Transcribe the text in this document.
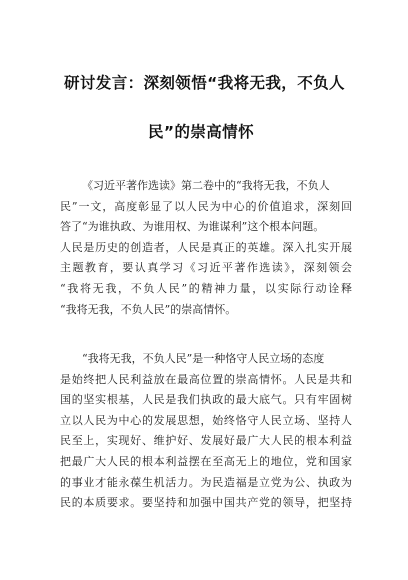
研讨发言：深刻领悟“我将无我，不负人
民”的崇高情怀
《习近平著作选读》第二卷中的“我将无我，不负人
民”一文，高度彰显了以人民为中心的价值追求，深刻回
答了“为谁执政、为谁用权、为谁谋利”这个根本问题。
人民是历史的创造者，人民是真正的英雄。深入扎实开展
主题教育，要认真学习《习近平著作选读》，深刻领会
“我将无我，不负人民”的精神力量，以实际行动诠释
“我将无我，不负人民”的崇高情怀。
“我将无我，不负人民”是一种恪守人民立场的态度
是始终把人民利益放在最高位置的崇高情怀。人民是共和
国的坚实根基，人民是我们执政的最大底气。只有牢固树
立以人民为中心的发展思想，始终恪守人民立场、坚持人
民至上，实现好、维护好、发展好最广大人民的根本利益
把最广大人民的根本利益摆在至高无上的地位，党和国家
的事业才能永葆生机活力。为民造福是立党为公、执政为
民的本质要求。要坚持和加强中国共产党的领导，把坚持
